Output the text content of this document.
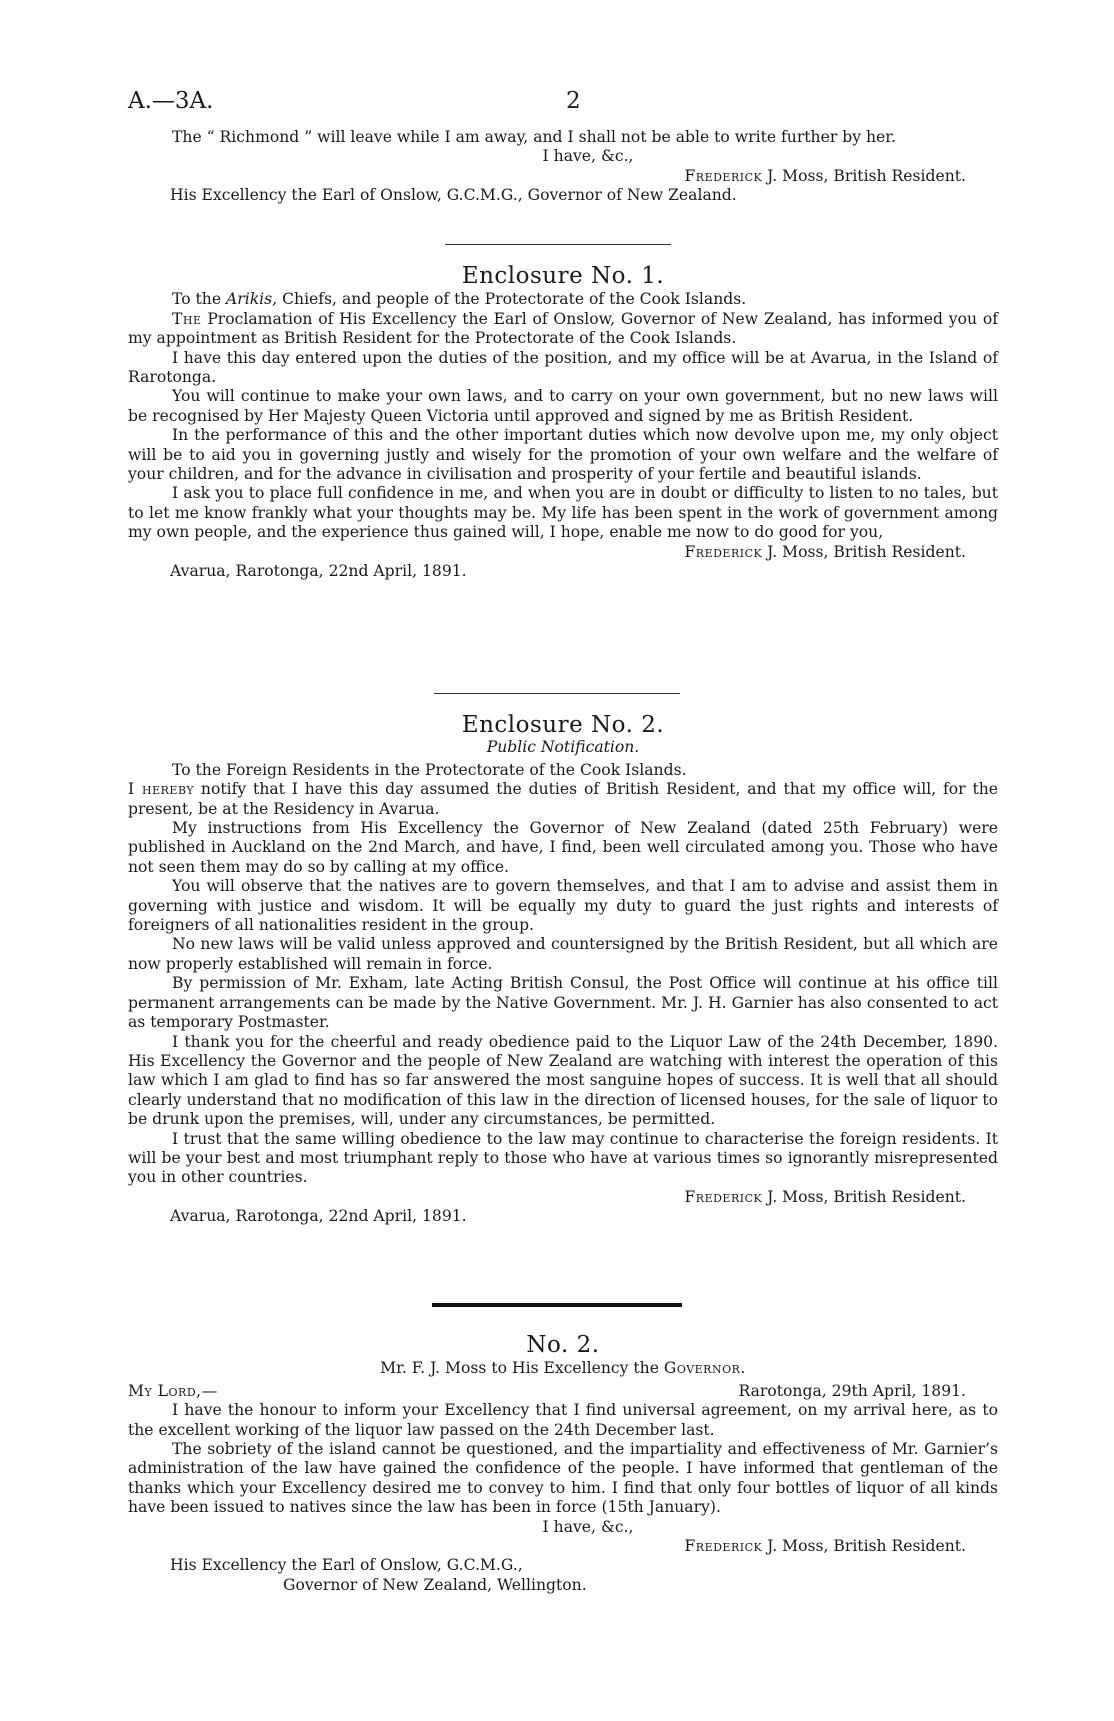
A.—3A.	2

The “ Richmond ” will leave while I am away, and I shall not be able to write further by her.

I have, &c.,

Frederick J. Moss, British Resident.

His Excellency the Earl of Onslow, G.C.M.G., Governor of New Zealand.

Enclosure No. 1.

To the Arikis, Chiefs, and people of the Protectorate of the Cook Islands.

The Proclamation of His Excellency the Earl of Onslow, Governor of New Zealand, has informed you of my appointment as British Resident for the Protectorate of the Cook Islands.

I have this day entered upon the duties of the position, and my office will be at Avarua, in the Island of Rarotonga.

You will continue to make your own laws, and to carry on your own government, but no new laws will be recognised by Her Majesty Queen Victoria until approved and signed by me as British Resident.

In the performance of this and the other important duties which now devolve upon me, my only object will be to aid you in governing justly and wisely for the promotion of your own welfare and the welfare of your children, and for the advance in civilisation and prosperity of your fertile and beautiful islands.

I ask you to place full confidence in me, and when you are in doubt or difficulty to listen to no tales, but to let me know frankly what your thoughts may be. My life has been spent in the work of government among my own people, and the experience thus gained will, I hope, enable me now to do good for you,

Frederick J. Moss, British Resident.

Avarua, Rarotonga, 22nd April, 1891.

Enclosure No. 2.

Public Notification.

To the Foreign Residents in the Protectorate of the Cook Islands.

I hereby notify that I have this day assumed the duties of British Resident, and that my office will, for the present, be at the Residency in Avarua.

My instructions from His Excellency the Governor of New Zealand (dated 25th February) were published in Auckland on the 2nd March, and have, I find, been well circulated among you. Those who have not seen them may do so by calling at my office.

You will observe that the natives are to govern themselves, and that I am to advise and assist them in governing with justice and wisdom. It will be equally my duty to guard the just rights and interests of foreigners of all nationalities resident in the group.

No new laws will be valid unless approved and countersigned by the British Resident, but all which are now properly established will remain in force.

By permission of Mr. Exham, late Acting British Consul, the Post Office will continue at his office till permanent arrangements can be made by the Native Government. Mr. J. H. Garnier has also consented to act as temporary Postmaster.

I thank you for the cheerful and ready obedience paid to the Liquor Law of the 24th December, 1890. His Excellency the Governor and the people of New Zealand are watching with interest the operation of this law which I am glad to find has so far answered the most sanguine hopes of success. It is well that all should clearly understand that no modification of this law in the direction of licensed houses, for the sale of liquor to be drunk upon the premises, will, under any circumstances, be permitted.

I trust that the same willing obedience to the law may continue to characterise the foreign residents. It will be your best and most triumphant reply to those who have at various times so ignorantly misrepresented you in other countries.

Frederick J. Moss, British Resident.

Avarua, Rarotonga, 22nd April, 1891.

No. 2.

Mr. F. J. Moss to His Excellency the Governor.

My Lord,—	Rarotonga, 29th April, 1891.

I have the honour to inform your Excellency that I find universal agreement, on my arrival here, as to the excellent working of the liquor law passed on the 24th December last.

The sobriety of the island cannot be questioned, and the impartiality and effectiveness of Mr. Garnier’s administration of the law have gained the confidence of the people. I have informed that gentleman of the thanks which your Excellency desired me to convey to him. I find that only four bottles of liquor of all kinds have been issued to natives since the law has been in force (15th January).

I have, &c.,

Frederick J. Moss, British Resident.

His Excellency the Earl of Onslow, G.C.M.G.,

Governor of New Zealand, Wellington.
